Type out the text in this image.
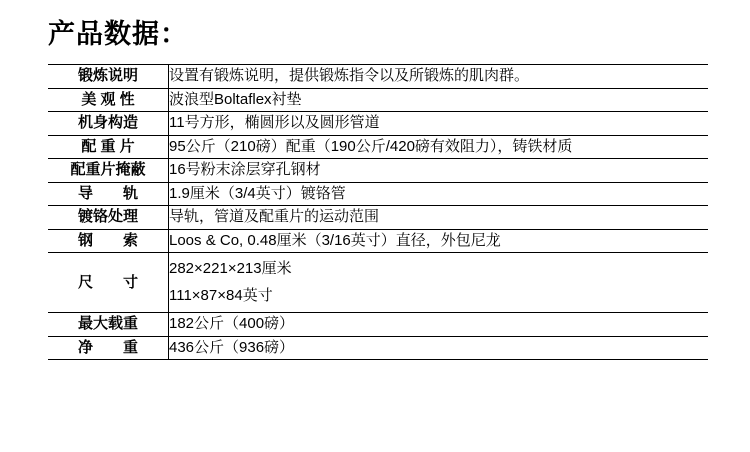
产品数据：
锻炼说明	设置有锻炼说明，提供锻炼指令以及所锻炼的肌肉群。

美 观 性	波浪型Boltaflex衬垫

机身构造	11号方形，椭圆形以及圆形管道

配 重 片	95公斤（210磅）配重（190公斤/420磅有效阻力），铸铁材质

配重片掩蔽	16号粉末涂层穿孔钢材

导　　轨	1.9厘米（3/4英寸）镀铬管

镀铬处理	导轨，管道及配重片的运动范围

钢　　索	Loos & Co, 0.48厘米（3/16英寸）直径，外包尼龙

尺　　寸	282×221×213厘米
111×87×84英寸

最大载重	182公斤（400磅）

净　　重	436公斤（936磅）
